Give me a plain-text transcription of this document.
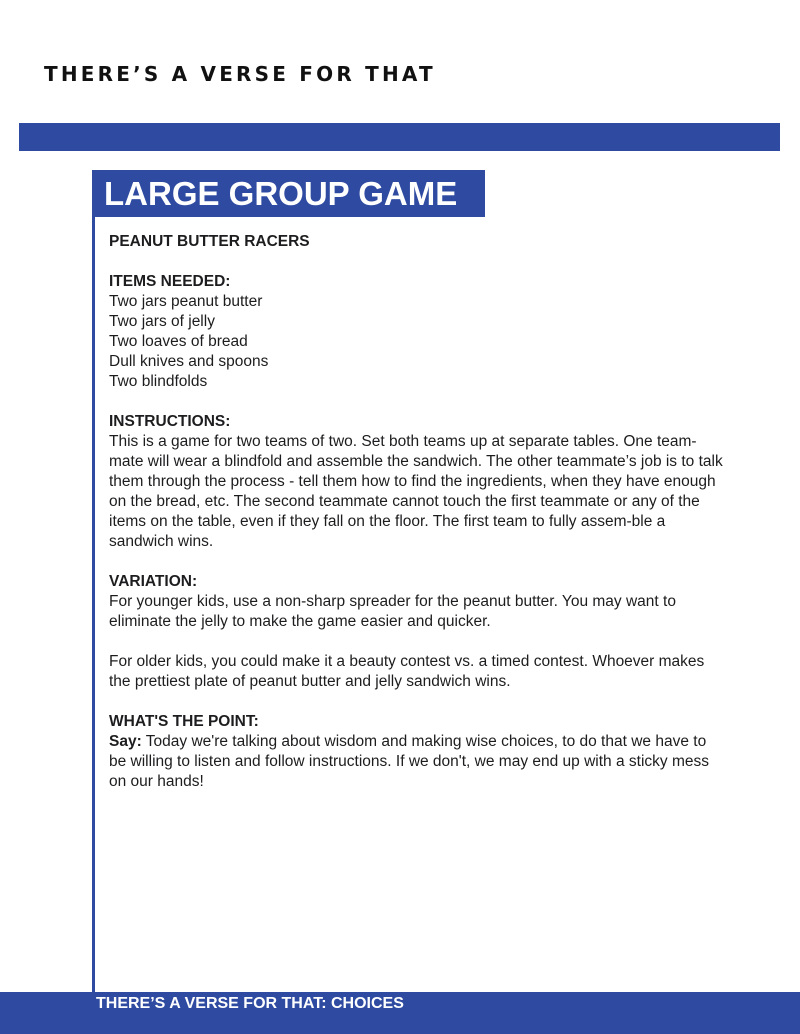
THERE’S A VERSE FOR THAT
LARGE GROUP GAME

PEANUT BUTTER RACERS

ITEMS NEEDED:

Two jars peanut butter

Two jars of jelly

Two loaves of bread

Dull knives and spoons

Two blindfolds

INSTRUCTIONS:

This is a game for two teams of two. Set both teams up at separate tables. One team-mate will wear a blindfold and assemble the sandwich. The other teammate’s job is to talk them through the process - tell them how to find the ingredients, when they have enough on the bread, etc. The second teammate cannot touch the first teammate or any of the items on the table, even if they fall on the floor. The first team to fully assem-ble a sandwich wins.

VARIATION:

For younger kids, use a non-sharp spreader for the peanut butter. You may want to eliminate the jelly to make the game easier and quicker.

For older kids, you could make it a beauty contest vs. a timed contest. Whoever makes the prettiest plate of peanut butter and jelly sandwich wins.

WHAT'S THE POINT:

Say: Today we're talking about wisdom and making wise choices, to do that we have to be willing to listen and follow instructions. If we don't, we may end up with a sticky mess on our hands!

THERE’S A VERSE FOR THAT: CHOICES
